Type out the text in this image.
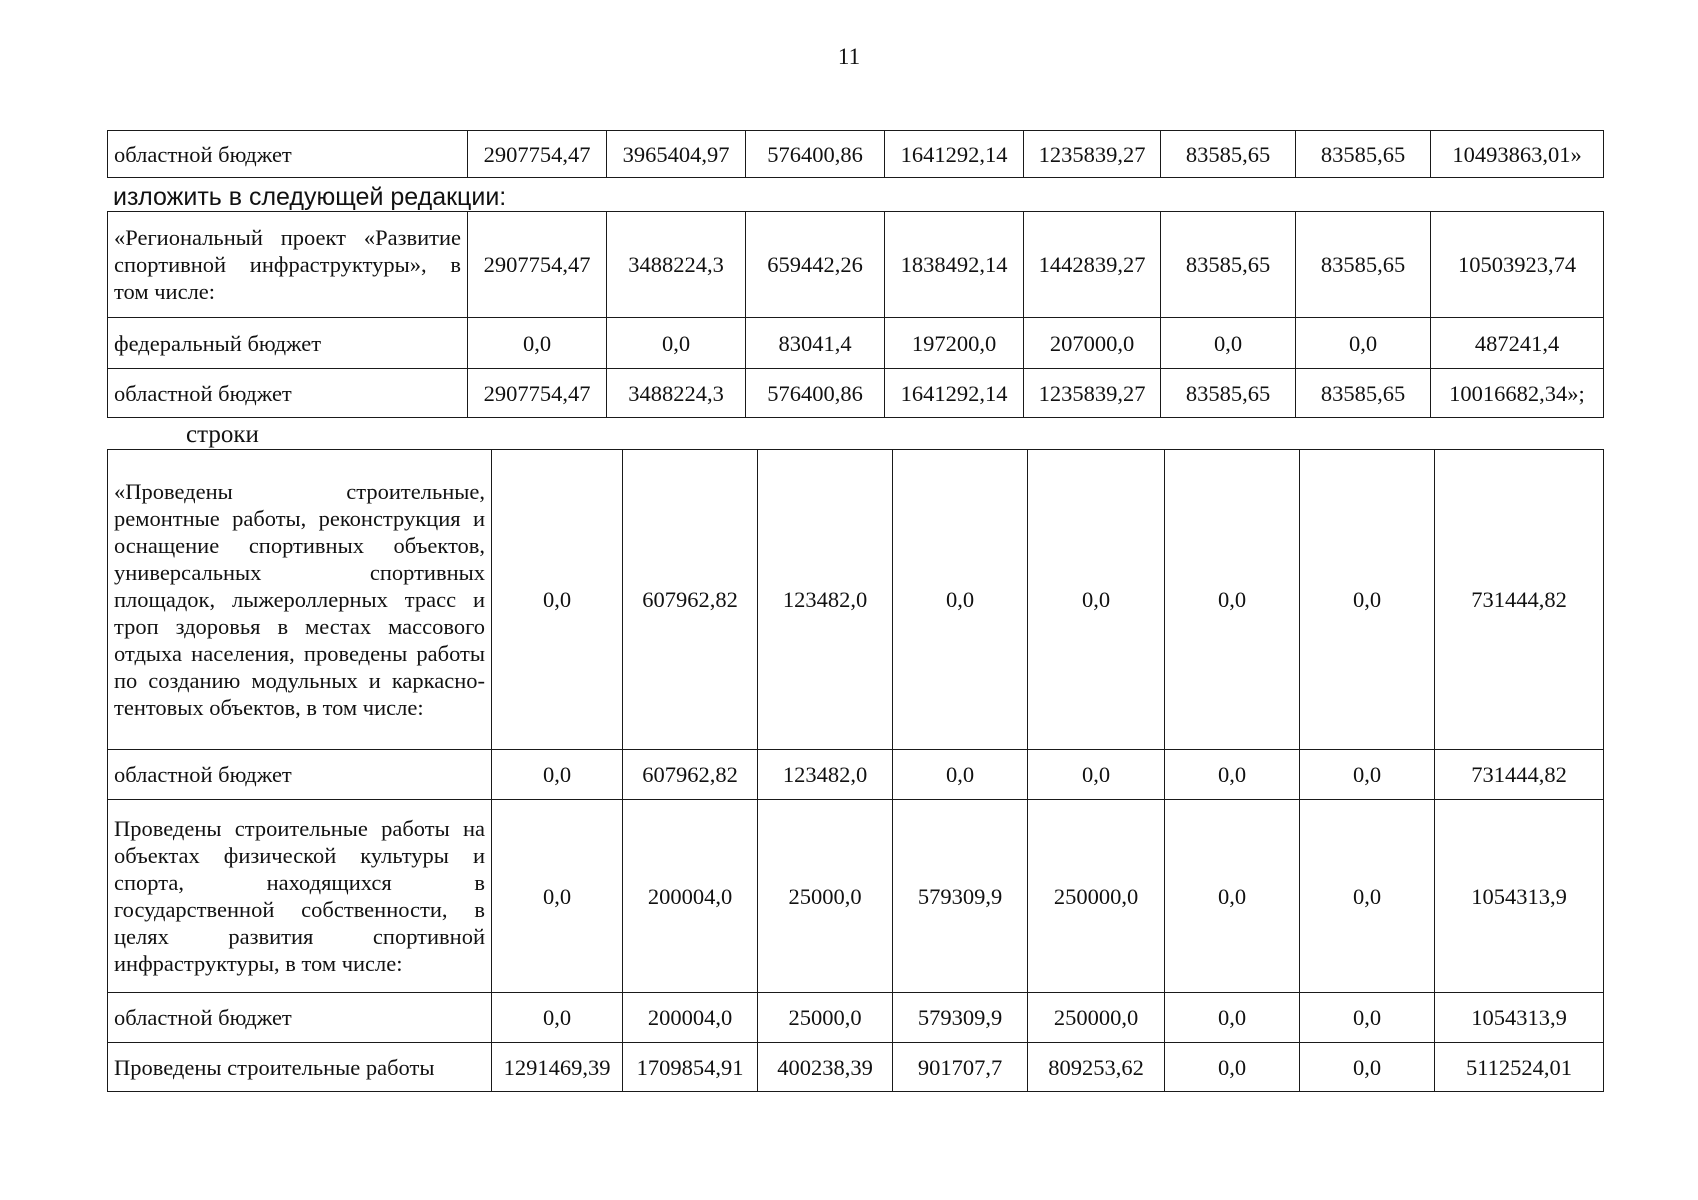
11
областной бюджет	2907754,47	3965404,97	576400,86	1641292,14	1235839,27	83585,65	83585,65	10493863,01»
изложить в следующей редакции:
«Региональный проект «Развитие спортивной инфраструктуры», в том числе:	2907754,47	3488224,3	659442,26	1838492,14	1442839,27	83585,65	83585,65	10503923,74
федеральный бюджет	0,0	0,0	83041,4	197200,0	207000,0	0,0	0,0	487241,4
областной бюджет	2907754,47	3488224,3	576400,86	1641292,14	1235839,27	83585,65	83585,65	10016682,34»;
строки
«Проведены строительные, ремонтные работы, реконструкция и оснащение спортивных объектов, универсальных спортивных площадок, лыжероллерных трасс и троп здоровья в местах массового отдыха населения, проведены работы по созданию модульных и каркасно-тентовых объектов, в том числе:	0,0	607962,82	123482,0	0,0	0,0	0,0	0,0	731444,82
областной бюджет	0,0	607962,82	123482,0	0,0	0,0	0,0	0,0	731444,82
Проведены строительные работы на объектах физической культуры и спорта, находящихся в государственной собственности, в целях развития спортивной инфраструктуры, в том числе:	0,0	200004,0	25000,0	579309,9	250000,0	0,0	0,0	1054313,9
областной бюджет	0,0	200004,0	25000,0	579309,9	250000,0	0,0	0,0	1054313,9
Проведены строительные работы	1291469,39	1709854,91	400238,39	901707,7	809253,62	0,0	0,0	5112524,01
